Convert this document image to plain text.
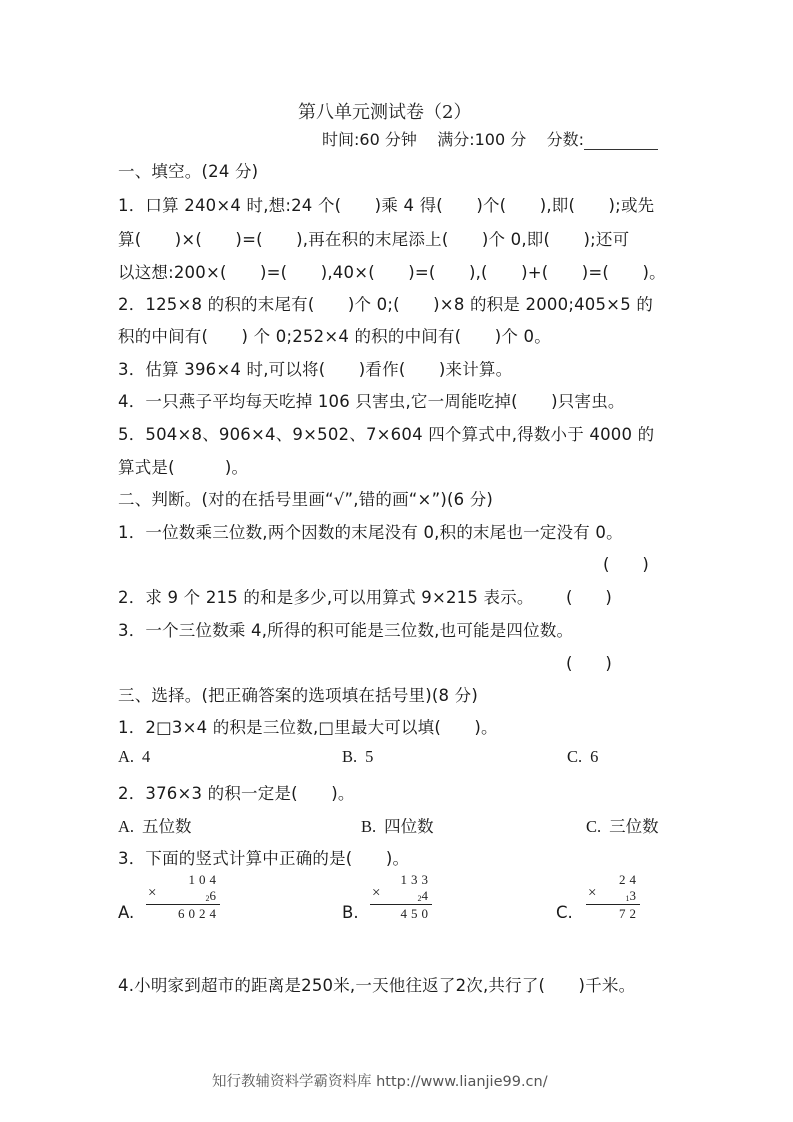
第八单元测试卷（2）
时间:60 分钟 满分:100 分 分数:
一、填空。(24 分)
1．口算 240×4 时,想:24 个(　　)乘 4 得(　　)个(　　),即(　　);或先
算(　　)×(　　)=(　　),再在积的末尾添上(　　)个 0,即(　　);还可
以这想:200×(　　)=(　　),40×(　　)=(　　),(　　)+(　　)=(　　)。
2．125×8 的积的末尾有(　　)个 0;(　　)×8 的积是 2000;405×5 的
积的中间有(　　) 个 0;252×4 的积的中间有(　　)个 0。
3．估算 396×4 时,可以将(　　)看作(　　)来计算。
4．一只燕子平均每天吃掉 106 只害虫,它一周能吃掉(　　)只害虫。
5．504×8、906×4、9×502、7×604 四个算式中,得数小于 4000 的
算式是(　　　)。
二、判断。(对的在括号里画“√”,错的画“×”)(6 分)
1．一位数乘三位数,两个因数的末尾没有 0,积的末尾也一定没有 0。
(　　)
2．求 9 个 215 的和是多少,可以用算式 9×215 表示。 (　　)
3．一个三位数乘 4,所得的积可能是三位数,也可能是四位数。
(　　)
三、选择。(把正确答案的选项填在括号里)(8 分)
1．2□3×4 的积是三位数,□里最大可以填(　　)。
A. 4	B. 5	C. 6
2．376×3 的积一定是(　　)。
A. 五位数	B. 四位数	C. 三位数
3．下面的竖式计算中正确的是(　　)。
A.
104
×	26
6024	B.
133
×	24
450	C.
24
×	13
72
4.小明家到超市的距离是250米,一天他往返了2次,共行了(　　)千米。
知行教辅资料学霸资料库 http://www.lianjie99.cn/
